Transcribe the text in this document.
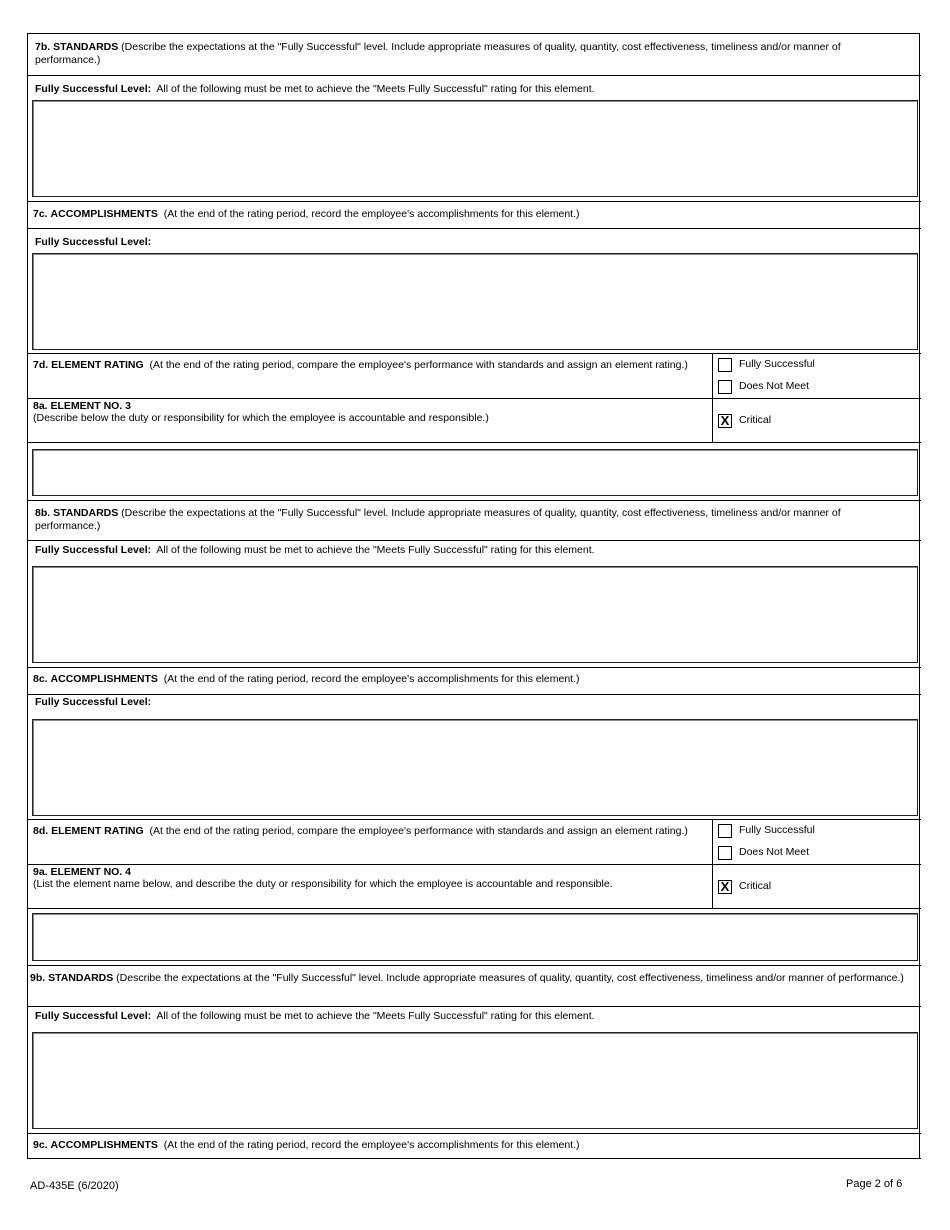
7b. STANDARDS (Describe the expectations at the "Fully Successful" level. Include appropriate measures of quality, quantity, cost effectiveness, timeliness and/or manner of
performance.)
Fully Successful Level: All of the following must be met to achieve the "Meets Fully Successful" rating for this element.
7c. ACCOMPLISHMENTS (At the end of the rating period, record the employee's accomplishments for this element.)
Fully Successful Level:
7d. ELEMENT RATING (At the end of the rating period, compare the employee's performance with standards and assign an element rating.)	Fully Successful
Does Not Meet
8a. ELEMENT NO. 3
(Describe below the duty or responsibility for which the employee is accountable and responsible.)	X Critical
8b. STANDARDS (Describe the expectations at the "Fully Successful" level. Include appropriate measures of quality, quantity, cost effectiveness, timeliness and/or manner of
performance.)
Fully Successful Level: All of the following must be met to achieve the "Meets Fully Successful" rating for this element.
8c. ACCOMPLISHMENTS (At the end of the rating period, record the employee's accomplishments for this element.)
Fully Successful Level:
8d. ELEMENT RATING (At the end of the rating period, compare the employee's performance with standards and assign an element rating.)	Fully Successful
Does Not Meet
9a. ELEMENT NO. 4
(List the element name below, and describe the duty or responsibility for which the employee is accountable and responsible.	X Critical
9b. STANDARDS (Describe the expectations at the "Fully Successful" level. Include appropriate measures of quality, quantity, cost effectiveness, timeliness and/or manner of performance.)
Fully Successful Level: All of the following must be met to achieve the "Meets Fully Successful" rating for this element.
9c. ACCOMPLISHMENTS (At the end of the rating period, record the employee's accomplishments for this element.)
AD-435E (6/2020)	Page 2 of 6
